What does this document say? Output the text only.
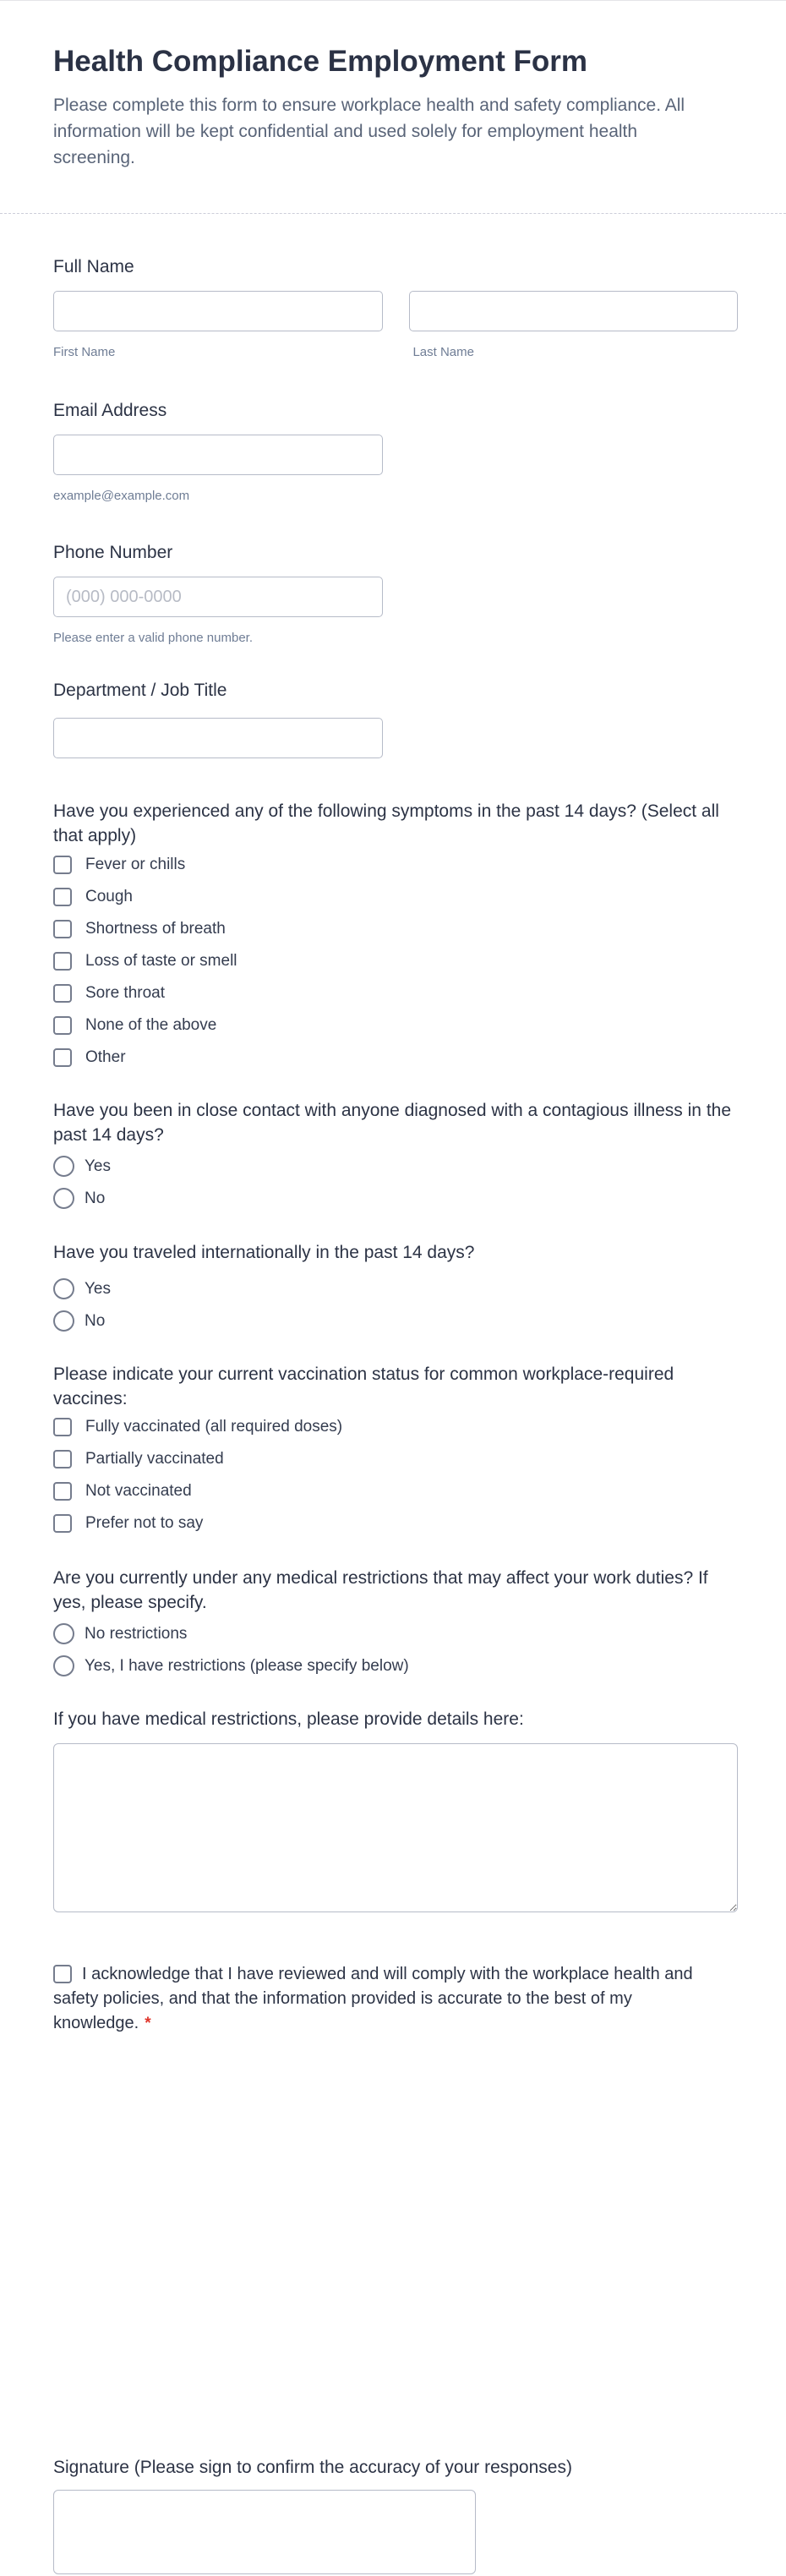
Health Compliance Employment Form

Please complete this form to ensure workplace health and safety compliance. All information will be kept confidential and used solely for employment health screening.

Full Name
First Name	Last Name
Email Address
example@example.com
Phone Number
(000) 000-0000
Please enter a valid phone number.
Department / Job Title
Have you experienced any of the following symptoms in the past 14 days? (Select all that apply)
Fever or chills
Cough
Shortness of breath
Loss of taste or smell
Sore throat
None of the above
Other
Have you been in close contact with anyone diagnosed with a contagious illness in the past 14 days?
Yes
No
Have you traveled internationally in the past 14 days?
Yes
No
Please indicate your current vaccination status for common workplace-required vaccines:
Fully vaccinated (all required doses)
Partially vaccinated
Not vaccinated
Prefer not to say
Are you currently under any medical restrictions that may affect your work duties? If yes, please specify.
No restrictions
Yes, I have restrictions (please specify below)
If you have medical restrictions, please provide details here:
I acknowledge that I have reviewed and will comply with the workplace health and safety policies, and that the information provided is accurate to the best of my knowledge. *
Signature (Please sign to confirm the accuracy of your responses)
